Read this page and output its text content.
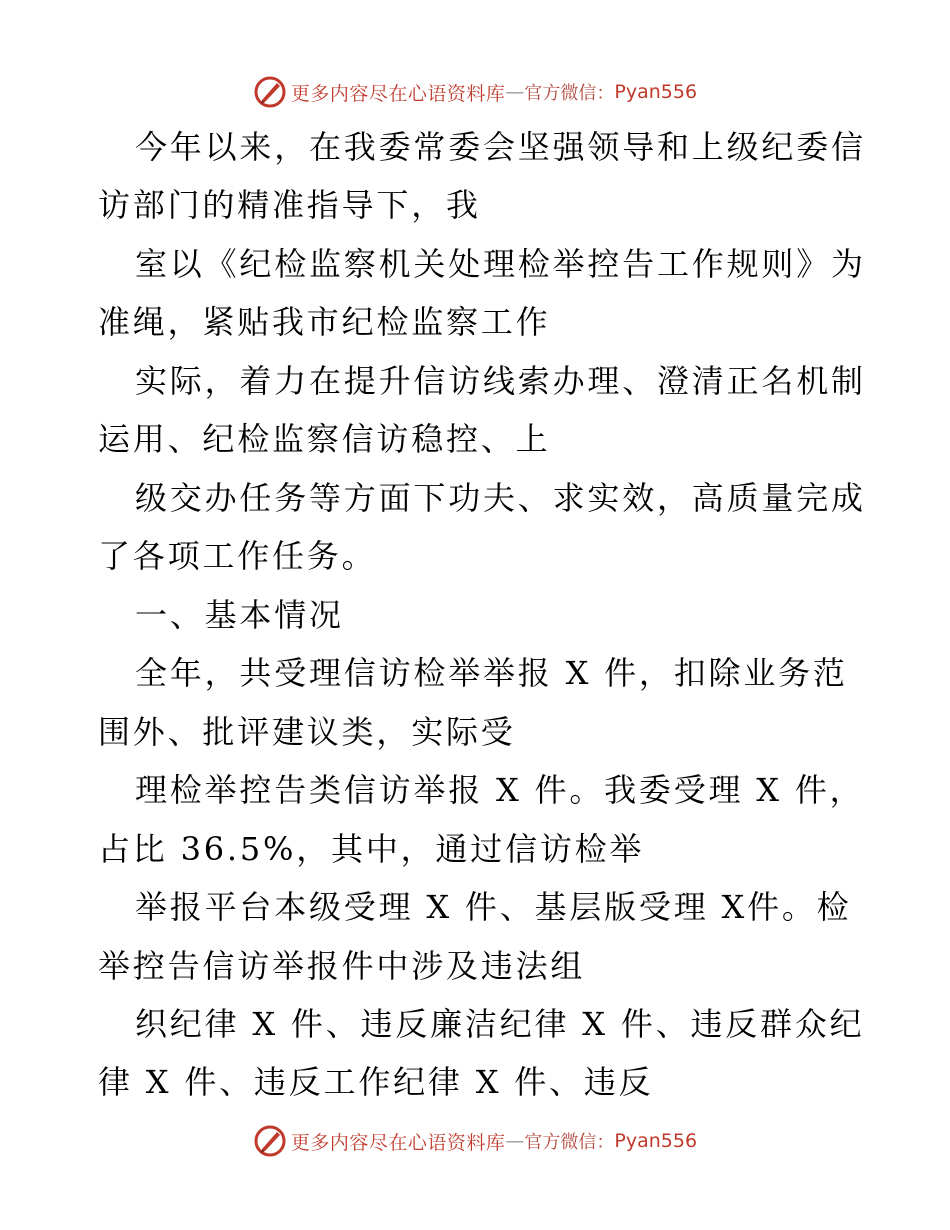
更多内容尽在心语资料库 — 官方微信： Pyan556
今年以来，在我委常委会坚强领导和上级纪委信
访部门的精准指导下，我
室以《纪检监察机关处理检举控告工作规则》为
准绳，紧贴我市纪检监察工作
实际，着力在提升信访线索办理、澄清正名机制
运用、纪检监察信访稳控、上
级交办任务等方面下功夫、求实效，高质量完成
了各项工作任务。
一、基本情况
全年，共受理信访检举举报 X 件，扣除业务范
围外、批评建议类，实际受
理检举控告类信访举报 X 件。我委受理 X 件，
占比 36.5%，其中，通过信访检举
举报平台本级受理 X 件、基层版受理 X件。检
举控告信访举报件中涉及违法组
织纪律 X 件、违反廉洁纪律 X 件、违反群众纪
律 X 件、违反工作纪律 X 件、违反
更多内容尽在心语资料库 — 官方微信： Pyan556
